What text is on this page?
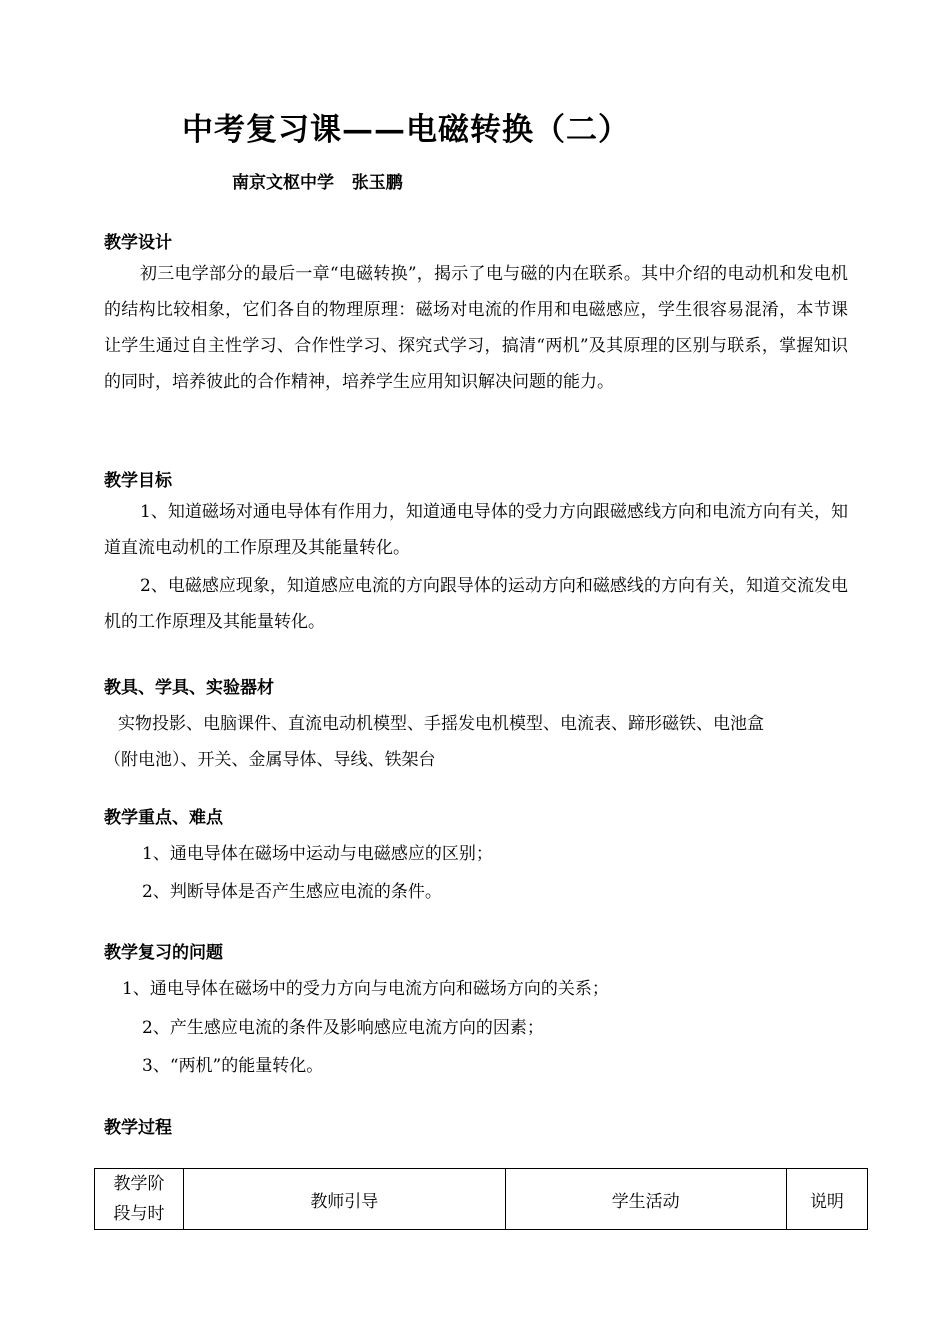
中考复习课——电磁转换（二）
南京文枢中学   张玉鹏
教学设计
初三电学部分的最后一章“电磁转换”，揭示了电与磁的内在联系。其中介绍的电动机和发电机的结构比较相象，它们各自的物理原理：磁场对电流的作用和电磁感应，学生很容易混淆，本节课让学生通过自主性学习、合作性学习、探究式学习，搞清“两机”及其原理的区别与联系，掌握知识的同时，培养彼此的合作精神，培养学生应用知识解决问题的能力。
教学目标
1、知道磁场对通电导体有作用力，知道通电导体的受力方向跟磁感线方向和电流方向有关，知道直流电动机的工作原理及其能量转化。
2、电磁感应现象，知道感应电流的方向跟导体的运动方向和磁感线的方向有关，知道交流发电机的工作原理及其能量转化。
教具、学具、实验器材
实物投影、电脑课件、直流电动机模型、手摇发电机模型、电流表、蹄形磁铁、电池盒
（附电池）、开关、金属导体、导线、铁架台
教学重点、难点
1、通电导体在磁场中运动与电磁感应的区别；
2、判断导体是否产生感应电流的条件。
教学复习的问题
1、通电导体在磁场中的受力方向与电流方向和磁场方向的关系；
2、产生感应电流的条件及影响感应电流方向的因素；
3、“两机”的能量转化。
教学过程
教学阶
段与时
	教师引导	学生活动	说明
